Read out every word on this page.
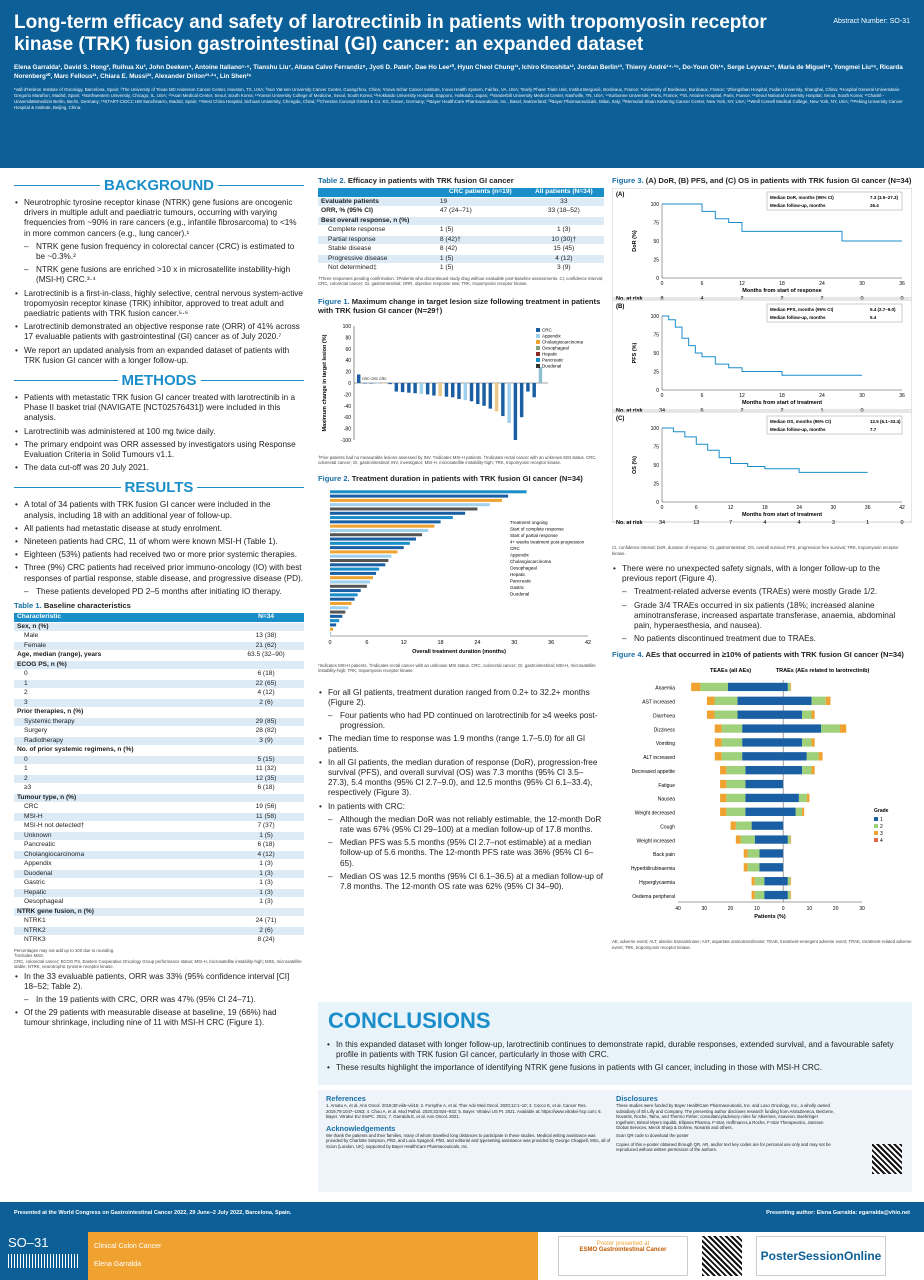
Long-term efficacy and safety of larotrectinib in patients with tropomyosin receptor kinase (TRK) fusion gastrointestinal (GI) cancer: an expanded dataset
Abstract Number: SO-31
Elena Garralda¹, David S. Hong², Ruihua Xu³, John Deeken⁴, Antoine Italiano⁵·⁶, Tianshu Liu⁷, Aitana Calvo Ferrandiz⁸, Jyoti D. Patel⁹, Dae Ho Lee¹⁰, Hyun Cheol Chung¹¹, Ichiro Kinoshita¹², Jordan Berlin¹³, Thierry André¹⁴·¹⁵, Do-Youn Oh¹⁶, Serge Leyvraz¹⁷, Maria de Miguel¹⁸, Yongmei Liu¹⁹, Ricarda Norenberg²⁰, Marc Fellous²¹, Chiara E. Mussi²², Alexander Drilon²³·²⁴, Lin Shen²⁵
¹Vall d'Hebron Institute of Oncology, Barcelona, Spain; ²The University of Texas MD Anderson Cancer Center, Houston, TX, USA; ³Sun Yat-sen University Cancer Center, Guangzhou, China; ⁴Inova Schar Cancer Institute, Inova Health System, Fairfax, VA, USA; ⁵Early Phase Trials Unit, Institut Bergonié, Bordeaux, France; ⁶University of Bordeaux, Bordeaux, France; ⁷Zhongshan Hospital, Fudan University, Shanghai, China; ⁸Hospital General Universitario Gregorio Marañon, Madrid, Spain; ⁹Northwestern University, Chicago, IL, USA; ¹⁰Asan Medical Center, Seoul, South Korea; ¹¹Yonsei University College of Medicine, Seoul, South Korea; ¹²Hokkaido University Hospital, Sapporo, Hokkaido, Japan; ¹³Vanderbilt University Medical Center, Nashville, TN, USA; ¹⁴Sorbonne Université, Paris, France; ¹⁵St. Antoine Hospital, Paris, France; ¹⁶Seoul National University Hospital, Seoul, South Korea; ¹⁷Charité - Universitätsmedizin Berlin, Berlin, Germany; ¹⁸START-CIOCC HM Sanchinarro, Madrid, Spain; ¹⁹West China Hospital, Sichuan University, Chengdu, China; ²⁰Chrestos Concept GmbH & Co. KG, Essen, Germany; ²¹Bayer HealthCare Pharmaceuticals, Inc., Basel, Switzerland; ²²Bayer Pharmaceuticals, Milan, Italy; ²³Memorial Sloan Kettering Cancer Center, New York, NY, USA; ²⁴Weill Cornell Medical College, New York, NY, USA; ²⁵Peking University Cancer Hospital & Institute, Beijing, China.
BACKGROUND
• Neurotrophic tyrosine receptor kinase (NTRK) gene fusions are oncogenic drivers in multiple adult and paediatric tumours, occurring with varying frequencies from ~90% in rare cancers (e.g., infantile fibrosarcoma) to <1% in more common cancers (e.g., lung cancer).¹
– NTRK gene fusion frequency in colorectal cancer (CRC) is estimated to be ~0.3%.²
– NTRK gene fusions are enriched >10 x in microsatellite instability-high (MSI-H) CRC.³·⁴
• Larotrectinib is a first-in-class, highly selective, central nervous system-active tropomyosin receptor kinase (TRK) inhibitor, approved to treat adult and paediatric patients with TRK fusion cancer.⁵·⁶
• Larotrectinib demonstrated an objective response rate (ORR) of 41% across 17 evaluable patients with gastrointestinal (GI) cancer as of July 2020.⁷
• We report an updated analysis from an expanded dataset of patients with TRK fusion GI cancer with a longer follow-up.
METHODS
• Patients with metastatic TRK fusion GI cancer treated with larotrectinib in a Phase II basket trial (NAVIGATE [NCT02576431]) were included in this analysis.
• Larotrectinib was administered at 100 mg twice daily.
• The primary endpoint was ORR assessed by investigators using Response Evaluation Criteria in Solid Tumours v1.1.
• The data cut-off was 20 July 2021.
RESULTS
• A total of 34 patients with TRK fusion GI cancer were included in the analysis, including 18 with an additional year of follow-up.
• All patients had metastatic disease at study enrolment.
• Nineteen patients had CRC, 11 of whom were known MSI-H (Table 1).
• Eighteen (53%) patients had received two or more prior systemic therapies.
• Three (9%) CRC patients had received prior immuno-oncology (IO) with best responses of partial response, stable disease, and progressive disease (PD).
– These patients developed PD 2–5 months after initiating IO therapy.
Table 1. Baseline characteristics
Characteristic	N=34
Sex, n (%)	
Male	13 (38)
Female	21 (62)
Age, median (range), years	63.5 (32–90)
ECOG PS, n (%)	
0	6 (18)
1	22 (65)
2	4 (12)
3	2 (6)
Prior therapies, n (%)	
Systemic therapy	29 (85)
Surgery	28 (82)
Radiotherapy	3 (9)
No. of prior systemic regimens, n (%)	
0	5 (15)
1	11 (32)
2	12 (35)
≥3	6 (18)
Tumour type, n (%)	
CRC	19 (56)
MSI-H	11 (58)
MSI-H not detected†	7 (37)
Unknown	1 (5)
Pancreatic	6 (18)
Cholangiocarcinoma	4 (12)
Appendix	1 (3)
Duodenal	1 (3)
Gastric	1 (3)
Hepatic	1 (3)
Oesophageal	1 (3)
NTRK gene fusion, n (%)	
NTRK1	24 (71)
NTRK2	2 (6)
NTRK3	8 (24)
Percentages may not add up to 100 due to rounding.
†Includes MSS.
CRC, colorectal cancer; ECOG PS, Eastern Cooperative Oncology Group performance status; MSI-H, microsatellite instability-high; MSS, microsatellite stable; NTRK, neurotrophic tyrosine receptor kinase.
• In the 33 evaluable patients, ORR was 33% (95% confidence interval [CI] 18–52; Table 2).
– In the 19 patients with CRC, ORR was 47% (95% CI 24–71).
• Of the 29 patients with measurable disease at baseline, 19 (66%) had tumour shrinkage, including nine of 11 with MSI-H CRC (Figure 1).
Table 2. Efficacy in patients with TRK fusion GI cancer
	CRC patients (n=19)	All patients (N=34)
Evaluable patients	19	33
ORR, % (95% CI)	47 (24–71)	33 (18–52)
Best overall response, n (%)		
Complete response	1 (5)	1 (3)
Partial response	8 (42)†	10 (30)†
Stable disease	8 (42)	15 (45)
Progressive disease	1 (5)	4 (12)
Not determined‡	1 (5)	3 (9)
†Three responses pending confirmation. ‡Patients who discontinued study drug without evaluable post-baseline assessments. CI, confidence interval; CRC, colorectal cancer; GI, gastrointestinal; ORR, objective response rate; TRK, tropomyosin receptor kinase.
Figure 1. Maximum change in target lesion size following treatment in patients with TRK fusion GI cancer (N=29†)
100
80
60
40
20
0
-20
-40
-60
-80
-100
Maximum change in target lesion (%)	CRC CRC CRC
CRC
Appendix
Cholangiocarcinoma
Oesophageal
Hepatic
Pancreatic
Duodenal
†Five patients had no measurable lesions assessed by INV. *Indicates MSI-H patients. †Indicates rectal cancer with an unknown MSI status. CRC, colorectal cancer; GI, gastrointestinal; INV, investigator; MSI-H, microsatellite instability-high; TRK, tropomyosin receptor kinase.
Figure 2. Treatment duration in patients with TRK fusion GI cancer (N=34)
0	6	12	18	24	30	36	42
Overall treatment duration (months)
Treatment ongoing
Start of complete response
Start of partial response
4+ weeks treatment post-progression
CRC
Appendix
Cholangiocarcinoma
Oesophageal
Hepatic
Pancreatic
Gastric
Duodenal
*Indicates MSI-H patients. †Indicates rectal cancer with an unknown MSI status. CRC, colorectal cancer; GI, gastrointestinal; MSI-H, microsatellite instability-high; TRK, tropomyosin receptor kinase.
• For all GI patients, treatment duration ranged from 0.2+ to 32.2+ months (Figure 2).
– Four patients who had PD continued on larotrectinib for ≥4 weeks post-progression.
• The median time to response was 1.9 months (range 1.7–5.0) for all GI patients.
• In all GI patients, the median duration of response (DoR), progression-free survival (PFS), and overall survival (OS) was 7.3 months (95% CI 3.5–27.3), 5.4 months (95% CI 2.7–9.0), and 12.5 months (95% CI 6.1–33.4), respectively (Figure 3).
• In patients with CRC:
– Although the median DoR was not reliably estimable, the 12-month DoR rate was 67% (95% CI 29–100) at a median follow-up of 17.8 months.
– Median PFS was 5.5 months (95% CI 2.7–not estimable) at a median follow-up of 5.6 months. The 12-month PFS rate was 36% (95% CI 6–65).
– Median OS was 12.5 months (95% CI 6.1–36.5) at a median follow-up of 7.8 months. The 12-month OS rate was 62% (95% CI 34–90).
Figure 3. (A) DoR, (B) PFS, and (C) OS in patients with TRK fusion GI cancer (N=34)
(A)
0
25
50
75
100
DoR (%)
0	6	12	18	24	30	36
Months from start of response
No. at risk	8	4	2	2	2	0	0
Median DoR, months (95% CI)	7.3 (3.5–27.3)
Median follow-up, months	26.4
(B)
0
25
50
75
100
PFS (%)
0	6	12	18	24	30	36
Months from start of treatment
No. at risk	34	6	2	2	1	0
Median PFS, months (95% CI)	5.4 (2.7–9.0)
Median follow-up, months	5.4
(C)
0
25
50
75
100
OS (%)
0	6	12	18	24	30	36	42
Months from start of treatment
No. at risk	34	13	7	4	4	3	1	0
Median OS, months (95% CI)	12.5 (6.1–33.4)
Median follow-up, months	7.7
CI, confidence interval; DoR, duration of response; GI, gastrointestinal; OS, overall survival; PFS, progression-free survival; TRK, tropomyosin receptor kinase.
• There were no unexpected safety signals, with a longer follow-up to the previous report (Figure 4).
– Treatment-related adverse events (TRAEs) were mostly Grade 1/2.
– Grade 3/4 TRAEs occurred in six patients (18%; increased alanine aminotransferase, increased aspartate transferase, anaemia, abdominal pain, hyperaesthesia, and nausea).
– No patients discontinued treatment due to TRAEs.
Figure 4. AEs that occurred in ≥10% of patients with TRK fusion GI cancer (N=34)
TEAEs (all AEs)	TRAEs (AEs related to larotrectinib)
40	30	20	10	0	10	20	30
Patients (%)
Anaemia
AST increased
Diarrhoea
Dizziness
Vomiting
ALT increased
Decreased appetite
Fatigue
Nausea
Weight decreased
Cough
Weight increased
Back pain
Hyperbilirubinaemia
Hyperglycaemia
Oedema peripheral
Grade
1
2
3
4
AE, adverse event; ALT, alanine transaminase; AST, aspartate aminotransferase; TEAE, treatment-emergent adverse event; TRAE, treatment-related adverse event; TRK, tropomyosin receptor kinase.
CONCLUSIONS
• In this expanded dataset with longer follow-up, larotrectinib continues to demonstrate rapid, durable responses, extended survival, and a favourable safety profile in patients with TRK fusion GI cancer, particularly in those with CRC.
• These results highlight the importance of identifying NTRK gene fusions in patients with GI cancer, including in those with MSI-H CRC.
References
1. Amatu A, et al. Ann Oncol. 2019;30:viii5–viii15; 2. Forsythe A, et al. Ther Adv Med Oncol. 2020;12:1–10; 3. Cocco E, et al. Cancer Res. 2019;79:1047–1053; 4. Chou A, et al. Mod Pathol. 2020;33:924–932; 5. Bayer. Vitrakvi US PI. 2021. Available at: https://www.vitrakvi-hcp.com; 6. Bayer. Vitrakvi EU SmPC. 2021; 7. Garralda E, et al. Ann Oncol. 2021.
Acknowledgements
We thank the patients and their families, many of whom travelled long distances to participate in these studies. Medical writing assistance was provided by Charlotte Simpson, PhD, and Luca Spagnoli, PhD, and editorial and typesetting assistance was provided by George Chappell, MSc, all of Scion (London, UK), supported by Bayer HealthCare Pharmaceuticals, Inc.
Disclosures
These studies were funded by Bayer HealthCare Pharmaceuticals, Inc. and Loxo Oncology, Inc., a wholly owned subsidiary of Eli Lilly and Company. The presenting author discloses research funding from AstraZeneca, BeiGene, Novartis, Roche, Taiho, and Thermo Fisher; consultancy/advisory roles for Alkermes, Anaveon, Boehringer Ingelheim, Bristol Myers Squibb, Ellipses Pharma, F-Star, Hoffmann-La Roche, F-Star Therapeutics, Janssen Global Services, Merck Sharp & Dohme, Novartis and others.
Scan QR code to download the poster
Copies of this e-poster obtained through QR, AR, and/or text key codes are for personal use only and may not be reproduced without written permission of the authors.
Presented at the World Congress on Gastrointestinal Cancer 2022, 29 June–2 July 2022, Barcelona, Spain.	Presenting author: Elena Garralda: egarralda@vhio.net
SO–31	Clinical Colon Cancer
Elena Garralda
Poster presented at
ESMO Gastrointestinal Cancer	PosterSessionOnline
